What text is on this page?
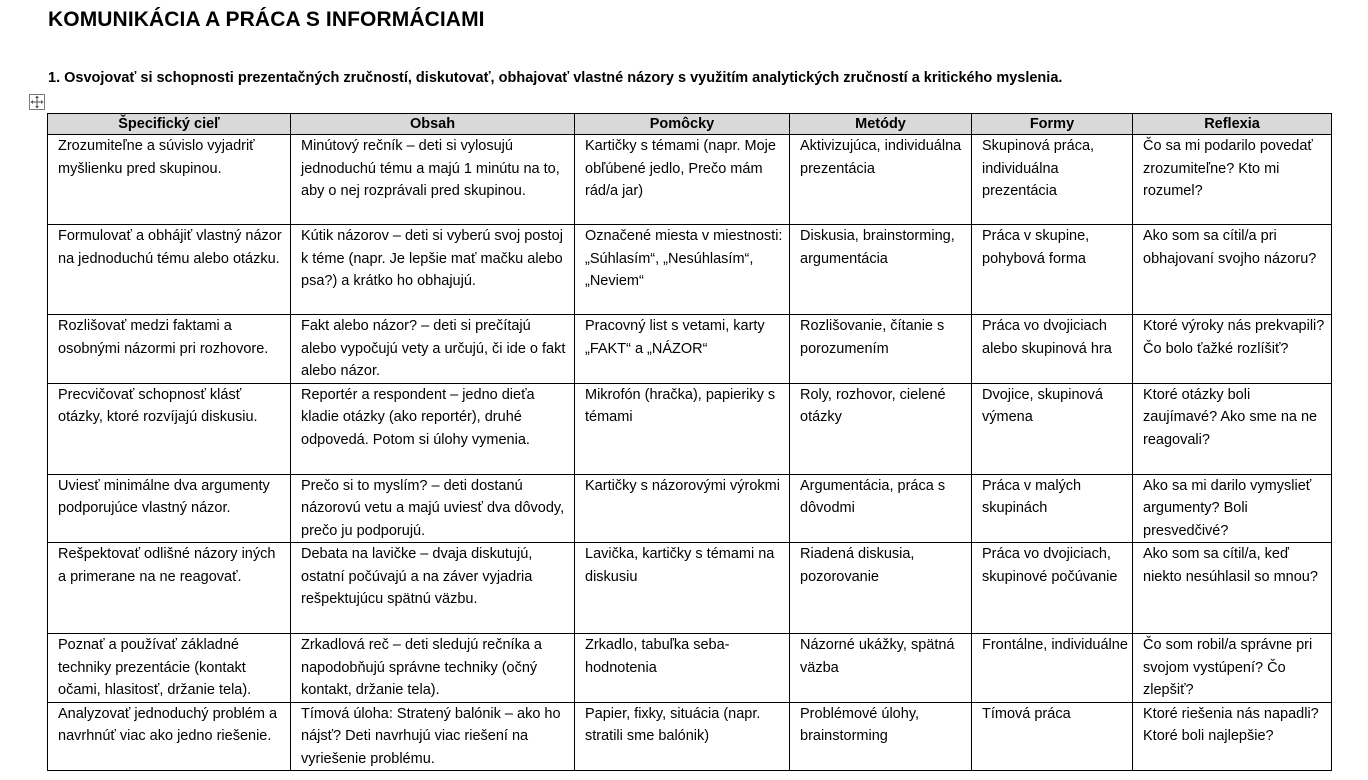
KOMUNIKÁCIA A PRÁCA S INFORMÁCIAMI
1. Osvojovať si schopnosti prezentačných zručností, diskutovať, obhajovať vlastné názory s využitím analytických zručností a kritického myslenia.
Špecifický cieľ	Obsah	Pomôcky	Metódy	Formy	Reflexia
Zrozumiteľne a súvislo vyjadriť myšlienku pred skupinou.	Minútový rečník – deti si vylosujú jednoduchú tému a majú 1 minútu na to, aby o nej rozprávali pred skupinou.	Kartičky s témami (napr. Moje obľúbené jedlo, Prečo mám rád/a jar)	Aktivizujúca, individuálna prezentácia	Skupinová práca, individuálna prezentácia	Čo sa mi podarilo povedať zrozumiteľne? Kto mi rozumel?
Formulovať a obhájiť vlastný názor na jednoduchú tému alebo otázku.	Kútik názorov – deti si vyberú svoj postoj k téme (napr. Je lepšie mať mačku alebo psa?) a krátko ho obhajujú.	Označené miesta v miestnosti: „Súhlasím“, „Nesúhlasím“, „Neviem“	Diskusia, brainstorming, argumentácia	Práca v skupine, pohybová forma	Ako som sa cítil/a pri obhajovaní svojho názoru?
Rozlišovať medzi faktami a osobnými názormi pri rozhovore.	Fakt alebo názor? – deti si prečítajú alebo vypočujú vety a určujú, či ide o fakt alebo názor.	Pracovný list s vetami, karty „FAKT“ a „NÁZOR“	Rozlišovanie, čítanie s porozumením	Práca vo dvojiciach alebo skupinová hra	Ktoré výroky nás prekvapili? Čo bolo ťažké rozlíšiť?
Precvičovať schopnosť klásť otázky, ktoré rozvíjajú diskusiu.	Reportér a respondent – jedno dieťa kladie otázky (ako reportér), druhé odpovedá. Potom si úlohy vymenia.	Mikrofón (hračka), papieriky s témami	Roly, rozhovor, cielené otázky	Dvojice, skupinová výmena	Ktoré otázky boli zaujímavé? Ako sme na ne reagovali?
Uviesť minimálne dva argumenty podporujúce vlastný názor.	Prečo si to myslím? – deti dostanú názorovú vetu a majú uviesť dva dôvody, prečo ju podporujú.	Kartičky s názorovými výrokmi	Argumentácia, práca s dôvodmi	Práca v malých skupinách	Ako sa mi darilo vymyslieť argumenty? Boli presvedčivé?
Rešpektovať odlišné názory iných a primerane na ne reagovať.	Debata na lavičke – dvaja diskutujú, ostatní počúvajú a na záver vyjadria rešpektujúcu spätnú väzbu.	Lavička, kartičky s témami na diskusiu	Riadená diskusia, pozorovanie	Práca vo dvojiciach, skupinové počúvanie	Ako som sa cítil/a, keď niekto nesúhlasil so mnou?
Poznať a používať základné techniky prezentácie (kontakt očami, hlasitosť, držanie tela).	Zrkadlová reč – deti sledujú rečníka a napodobňujú správne techniky (očný kontakt, držanie tela).	Zrkadlo, tabuľka seba-hodnotenia	Názorné ukážky, spätná väzba	Frontálne, individuálne	Čo som robil/a správne pri svojom vystúpení? Čo zlepšiť?
Analyzovať jednoduchý problém a navrhnúť viac ako jedno riešenie.	Tímová úloha: Stratený balónik – ako ho nájsť? Deti navrhujú viac riešení na vyriešenie problému.	Papier, fixky, situácia (napr. stratili sme balónik)	Problémové úlohy, brainstorming	Tímová práca	Ktoré riešenia nás napadli? Ktoré boli najlepšie?
